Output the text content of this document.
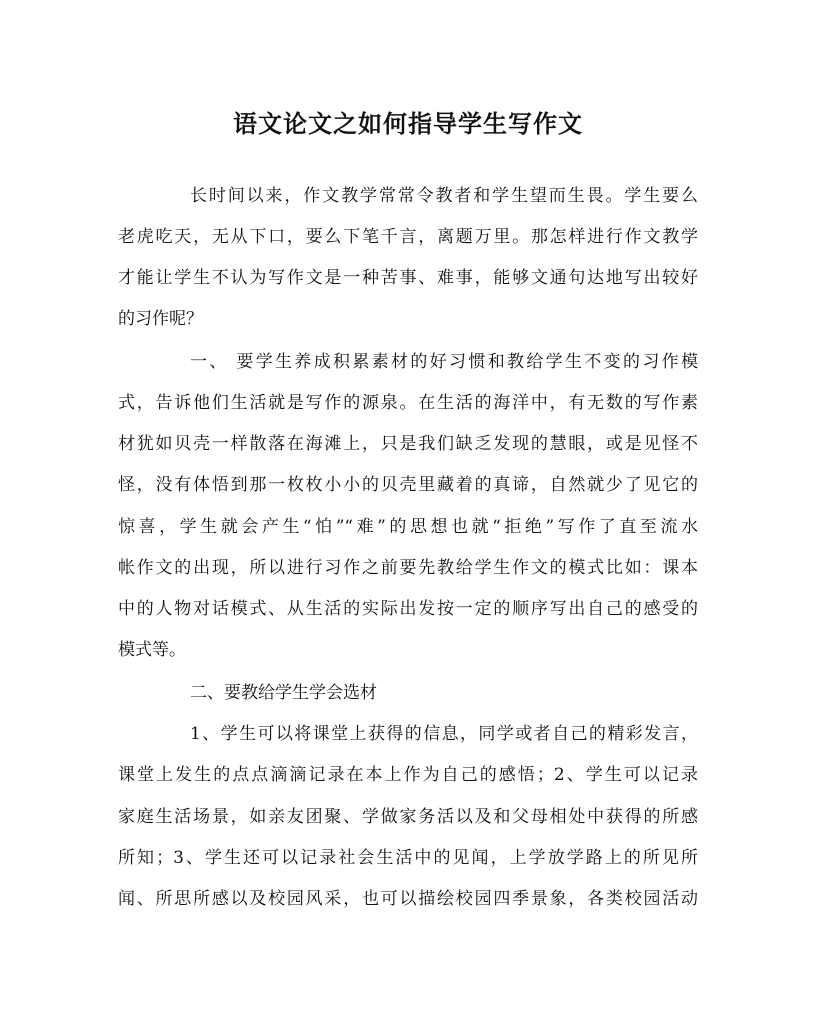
语文论文之如何指导学生写作文
长时间以来，作文教学常常令教者和学生望而生畏。学生要么
老虎吃天，无从下口，要么下笔千言，离题万里。那怎样进行作文教学
才能让学生不认为写作文是一种苦事、难事，能够文通句达地写出较好
的习作呢？
一、 要学生养成积累素材的好习惯和教给学生不变的习作模
式，告诉他们生活就是写作的源泉。在生活的海洋中，有无数的写作素
材犹如贝壳一样散落在海滩上，只是我们缺乏发现的慧眼，或是见怪不
怪，没有体悟到那一枚枚小小的贝壳里藏着的真谛，自然就少了见它的
惊喜，学生就会产生“怕”“难”的思想也就“拒绝”写作了直至流水
帐作文的出现，所以进行习作之前要先教给学生作文的模式比如：课本
中的人物对话模式、从生活的实际出发按一定的顺序写出自己的感受的
模式等。
二、要教给学生学会选材
1、学生可以将课堂上获得的信息，同学或者自己的精彩发言，
课堂上发生的点点滴滴记录在本上作为自己的感悟；2、学生可以记录
家庭生活场景，如亲友团聚、学做家务活以及和父母相处中获得的所感
所知；3、学生还可以记录社会生活中的见闻，上学放学路上的所见所
闻、所思所感以及校园风采，也可以描绘校园四季景象，各类校园活动
